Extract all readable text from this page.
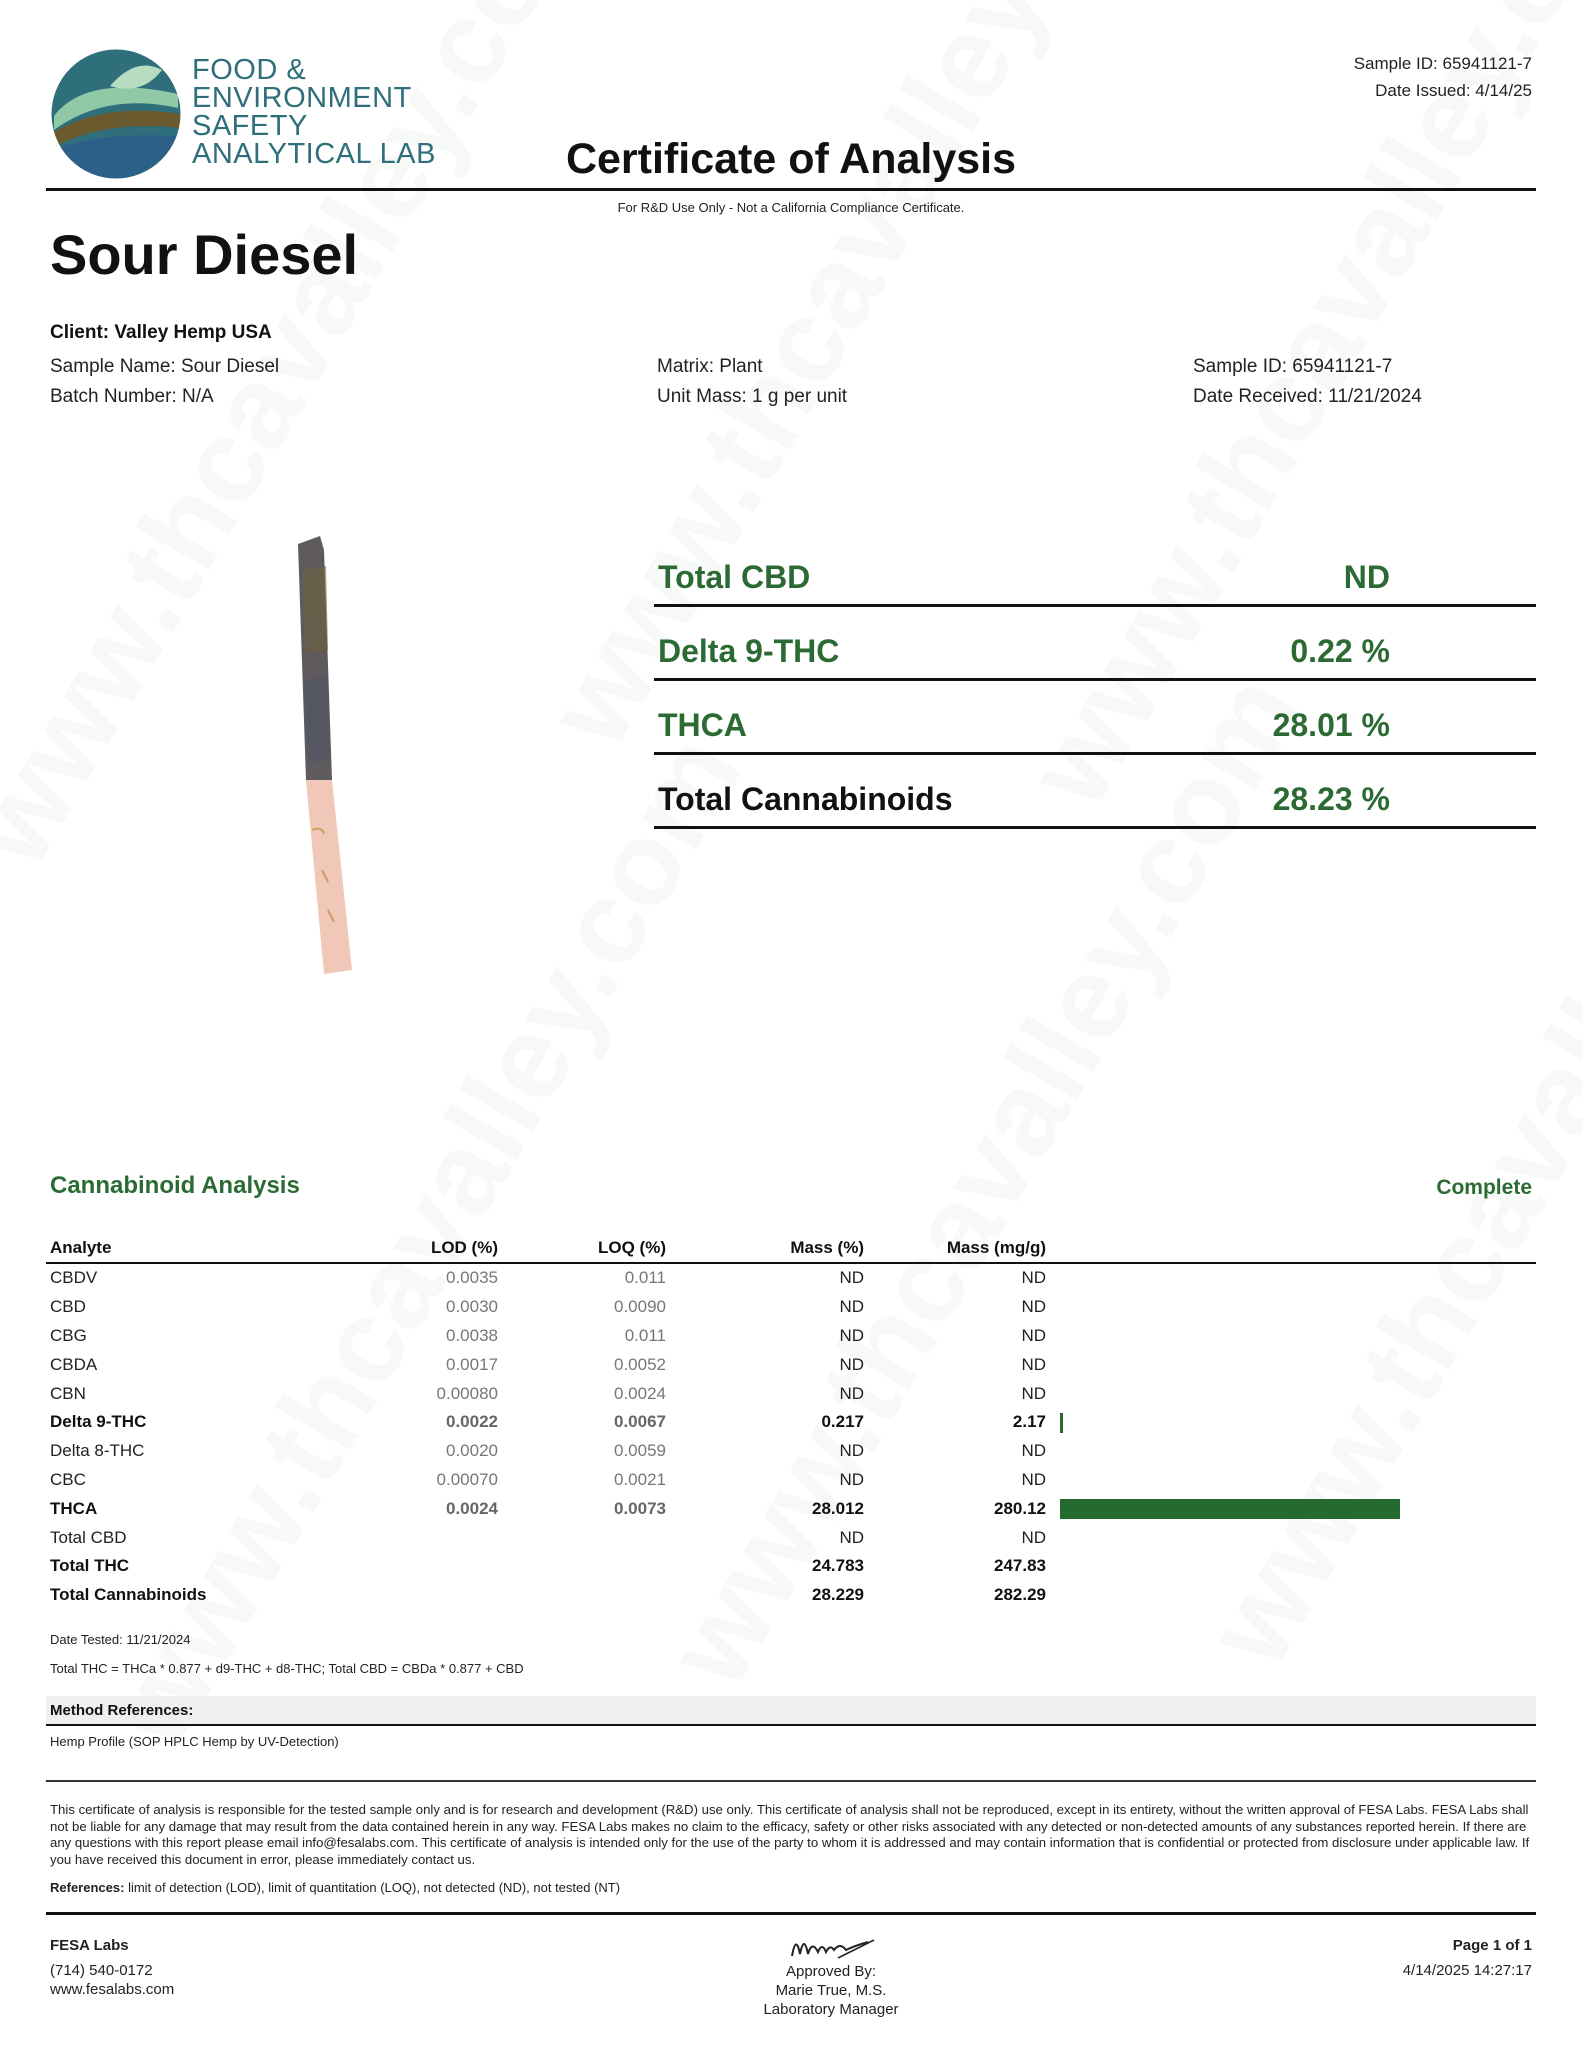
FOOD &
ENVIRONMENT
SAFETY
ANALYTICAL LAB
Sample ID: 65941121-7
Date Issued: 4/14/25
Certificate of Analysis
For R&D Use Only - Not a California Compliance Certificate.
Sour Diesel
Client: Valley Hemp USA
Sample Name: Sour Diesel
Batch Number: N/A
Matrix: Plant
Unit Mass: 1 g per unit
Sample ID: 65941121-7
Date Received: 11/21/2024
Total CBD	ND
Delta 9-THC	0.22 %
THCA	28.01 %
Total Cannabinoids	28.23 %
Cannabinoid Analysis	Complete
Analyte	LOD (%)	LOQ (%)	Mass (%)	Mass (mg/g)	
CBDV	0.0035	0.011	ND	ND	
CBD	0.0030	0.0090	ND	ND	
CBG	0.0038	0.011	ND	ND	
CBDA	0.0017	0.0052	ND	ND	
CBN	0.00080	0.0024	ND	ND	
Delta 9-THC	0.0022	0.0067	0.217	2.17	
Delta 8-THC	0.0020	0.0059	ND	ND	
CBC	0.00070	0.0021	ND	ND	
THCA	0.0024	0.0073	28.012	280.12	
Total CBD			ND	ND	
Total THC			24.783	247.83	
Total Cannabinoids			28.229	282.29	
Date Tested: 11/21/2024
Total THC = THCa * 0.877 + d9-THC + d8-THC; Total CBD = CBDa * 0.877 + CBD
Method References:
Hemp Profile (SOP HPLC Hemp by UV-Detection)
This certificate of analysis is responsible for the tested sample only and is for research and development (R&D) use only. This certificate of analysis shall not be reproduced, except in its entirety, without the written approval of FESA Labs. FESA Labs shall not be liable for any damage that may result from the data contained herein in any way. FESA Labs makes no claim to the efficacy, safety or other risks associated with any detected or non-detected amounts of any substances reported herein. If there are any questions with this report please email info@fesalabs.com. This certificate of analysis is intended only for the use of the party to whom it is addressed and may contain information that is confidential or protected from disclosure under applicable law. If you have received this document in error, please immediately contact us.
References: limit of detection (LOD), limit of quantitation (LOQ), not detected (ND), not tested (NT)
FESA Labs
(714) 540-0172
www.fesalabs.com
Approved By:
Marie True, M.S.
Laboratory Manager
Page 1 of 1
4/14/2025 14:27:17
